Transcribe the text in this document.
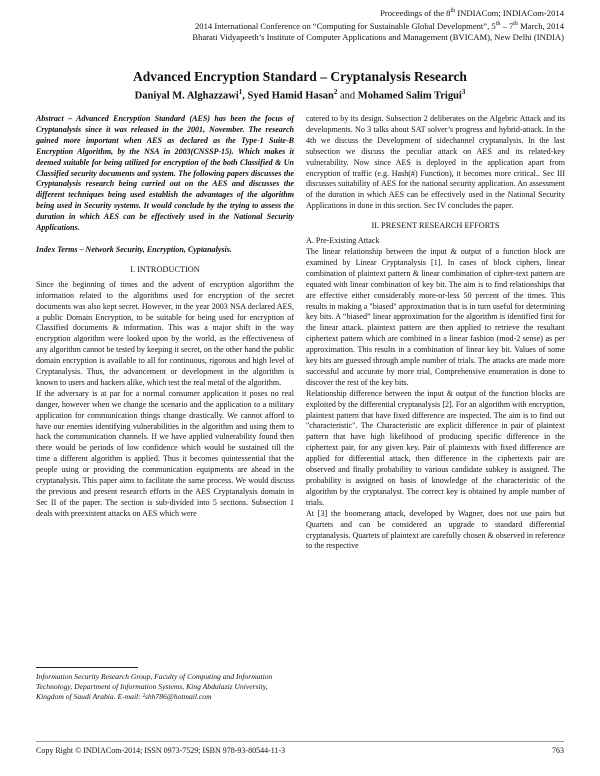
Proceedings of the 8th INDIACom; INDIACom-2014
2014 International Conference on “Computing for Sustainable Global Development”, 5th – 7th March, 2014
Bharati Vidyapeeth’s Institute of Computer Applications and Management (BVICAM), New Delhi (INDIA)
Advanced Encryption Standard – Cryptanalysis Research
Daniyal M. Alghazzawi$^1$, Syed Hamid Hasan$^2$ and Mohamed Salim Trigui$^3$

Abstract – Advanced Encryption Standard (AES) has been the focus of Cryptanalysis since it was released in the 2001, November. The research gained more important when AES as declared as the Type-1 Suite-B Encryption Algorithm, by the NSA in 2003(CNSSP-15). Which makes it deemed suitable for being utilized for encryption of the both Classified & Un Classified security documents and system. The following papers discusses the Cryptanalysis research being carried out on the AES and discusses the different techniques being used establish the advantages of the algorithm being used in Security systems. It would conclude by the trying to assess the duration in which AES can be effectively used in the National Security Applications.

Index Terms – Network Security, Encryption, Cyptanalysis.

I. INTRODUCTION

Since the beginning of times and the advent of encryption algorithm the information related to the algorithms used for encryption of the secret documents was also kept secret. However, in the year 2003 NSA declared AES, a public Domain Encryption, to be suitable for being used for encryption of Classified documents & information. This was a major shift in the way encryption algorithm were looked upon by the world, as the effectiveness of any algorithm cannot be tested by keeping it secret, on the other hand the public domain encryption is available to all for continuous, rigorous and high level of Cryptanalysis. Thus, the advancement or development in the algorithm is known to users and hackers alike, which test the real metal of the algorithm.

If the adversary is at par for a normal consumer application it poses no real danger, however when we change the scenario and the application to a military application for communication things change drastically. We cannot afford to have our enemies identifying vulnerabilities in the algorithm and using them to hack the communication channels. If we have applied vulnerability found then there would be periods of low confidence which would be sustained till the time a different algorithm is applied. Thus it becomes quintessential that the people using or providing the communication equipments are ahead in the cryptanalysis. This paper aims to facilitate the same process. We would discuss the previous and present research efforts in the AES Cryptanalysis domain in Sec II of the paper. The section is sub-divided into 5 sections. Subsection 1 deals with preexistent attacks on AES which were

catered to by its design. Subsection 2 deliberates on the Algebric Attack and its developments. No 3 talks about SAT solver’s progress and hybrid-attack. In the 4th we discuss the Development of sidechannel cryptanalysis. In the last subsection we discuss the peculiar attack on AES and its related-key vulnerability. Now since AES is deployed in the application apart from encryption of traffic (e.g. Hash(#) Function), it becomes more critical.. Sec III discusses suitability of AES for the national security application. An assessment of the duration in which AES can be effectively used in the National Security Applications in done in this section. Sec IV concludes the paper.

II. PRESENT RESEARCH EFFORTS

A. Pre-Existing Attack

The linear relationship between the input & output of a function block are examined by Linear Cryptanalysis [1]. In cases of block ciphers, linear combination of plaintext pattern & linear combination of cipher-text pattern are equated with linear combination of key bit. The aim is to find relationships that are effective either considerably more-or-less 50 percent of the times. This results in making a "biased" approximation that is in turn useful for determining key bits. A “biased” linear approximation for the algorithm is identified first for the linear attack. plaintext pattern are then applied to retrieve the resultant ciphertext pattern which are combined in a linear fashion (mod-2 sense) as per approximation. This results in a combination of linear key bit. Values of some key bits are guessed through ample number of trials. The attacks are made more successful and accurate by more trial, Comprehensive enumeration is done to discover the rest of the key bits.

Relationship difference between the input & output of the function blocks are exploited by the differential cryptanalysis [2]. For an algorithm with encryption, plaintext pattern that have fixed difference are inspected. The aim is to find out "characteristic". The Characteristic are explicit difference in pair of plaintext pattern that have high likelihood of producing specific difference in the ciphertext pair, for any given key. Pair of plaintexts with fixed difference are applied for differential attack, then difference in the ciphertexts pair are observed and finally probability to various candidate subkey is assigned. The probability is assigned on basis of knowledge of the characteristic of the algorithm by the cryptanalyst. The correct key is obtained by ample number of trials.

At [3] the boomerang attack, developed by Wagner, does not use pairs but Quartets and can be considered an upgrade to standard differential cryptanalysis. Quartets of plaintext are carefully chosen & observed in reference to the respective

Information Security Research Group, Faculty of Computing and Information Technology, Department of Information Systems, King Abdulaziz University, Kingdom of Saudi Arabia. E-mail: ²shh786@hotmail.com
Copy Right © INDIACom-2014; ISSN 0973-7529; ISBN 978-93-80544-11-3	763
